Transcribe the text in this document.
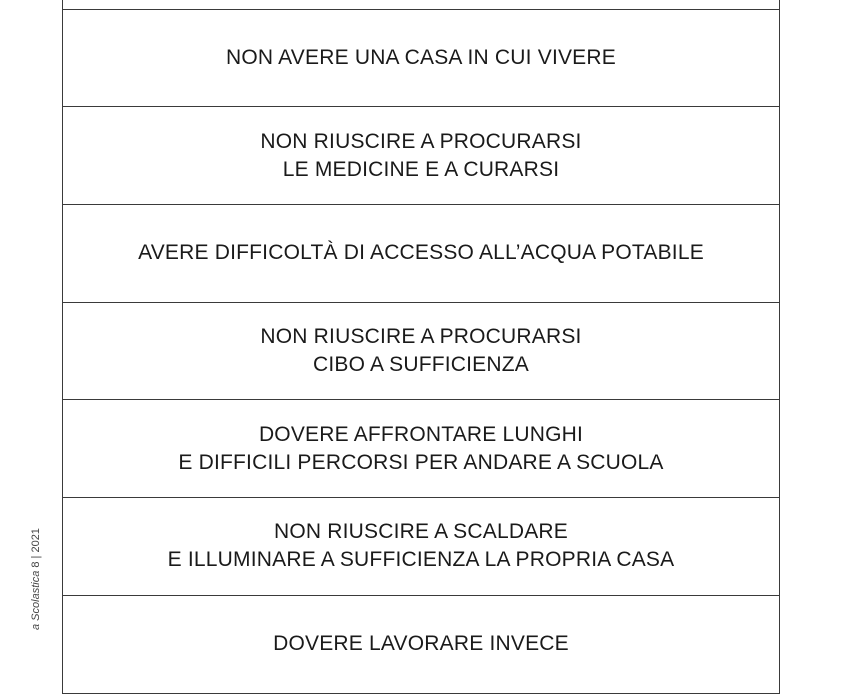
NON AVERE UNA CASA IN CUI VIVERE
NON RIUSCIRE A PROCURARSI
LE MEDICINE E A CURARSI
AVERE DIFFICOLTÀ DI ACCESSO ALL’ACQUA POTABILE
NON RIUSCIRE A PROCURARSI
CIBO A SUFFICIENZA
DOVERE AFFRONTARE LUNGHI
E DIFFICILI PERCORSI PER ANDARE A SCUOLA
NON RIUSCIRE A SCALDARE
E ILLUMINARE A SUFFICIENZA LA PROPRIA CASA
DOVERE LAVORARE INVECE
a Scolastica 8 | 2021
